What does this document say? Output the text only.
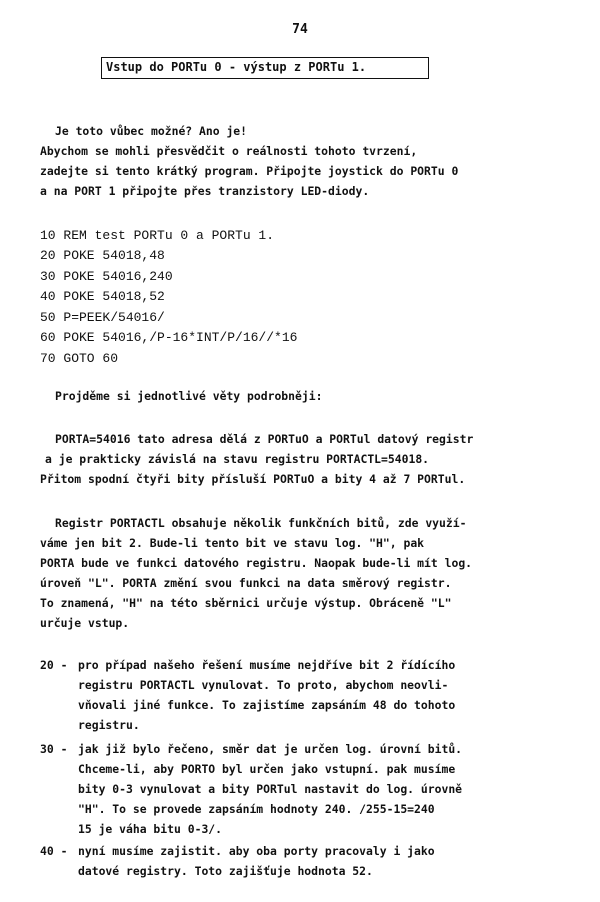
74
Vstup do PORTu 0 - výstup z PORTu 1.
Je toto vůbec možné? Ano je!
Abychom se mohli přesvědčit o reálnosti tohoto tvrzení,
zadejte si tento krátký program. Připojte joystick do PORTu 0
a na PORT 1 připojte přes tranzistory LED-diody.
10 REM test PORTu 0 a PORTu 1.
20 POKE 54018,48
30 POKE 54016,240
40 POKE 54018,52
50 P=PEEK/54016/
60 POKE 54016,/P-16*INT/P/16//*16
70 GOTO 60
Projděme si jednotlivé věty podrobněji:
PORTA=54016 tato adresa dělá z PORTuO a PORTul datový registr
a je prakticky závislá na stavu registru PORTACTL=54018.
Přitom spodní čtyři bity přísluší PORTuO a bity 4 až 7 PORTul.
Registr PORTACTL obsahuje několik funkčních bitů, zde využí-
váme jen bit 2. Bude-li tento bit ve stavu log. "H", pak
PORTA bude ve funkci datového registru. Naopak bude-li mít log.
úroveň "L". PORTA změní svou funkci na data směrový registr.
To znamená, "H" na této sběrnici určuje výstup. Obráceně "L"
určuje vstup.
20 - pro případ našeho řešení musíme nejdříve bit 2 řídícího
registru PORTACTL vynulovat. To proto, abychom neovli-
vňovali jiné funkce. To zajistíme zapsáním 48 do tohoto
registru.
30 - jak již bylo řečeno, směr dat je určen log. úrovní bitů.
Chceme-li, aby PORTO byl určen jako vstupní. pak musíme
bity 0-3 vynulovat a bity PORTul nastavit do log. úrovně
"H". To se provede zapsáním hodnoty 240. /255-15=240
15 je váha bitu 0-3/.
40 - nyní musíme zajistit. aby oba porty pracovaly i jako
datové registry. Toto zajišťuje hodnota 52.
